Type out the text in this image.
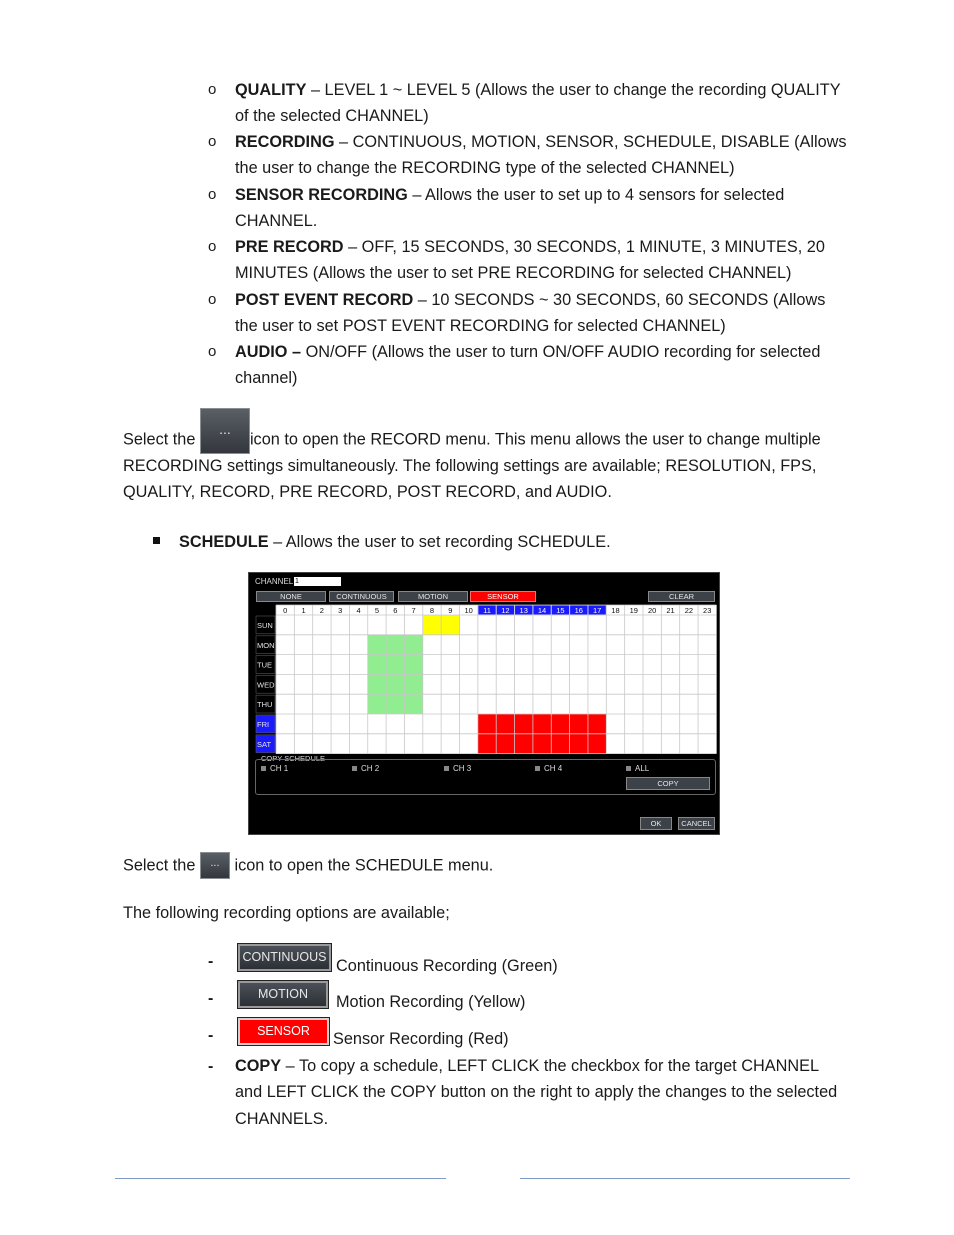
o QUALITY – LEVEL 1 ~ LEVEL 5 (Allows the user to change the recording QUALITY of the selected CHANNEL)
o RECORDING – CONTINUOUS, MOTION, SENSOR, SCHEDULE, DISABLE (Allows the user to change the RECORDING type of the selected CHANNEL)
o SENSOR RECORDING – Allows the user to set up to 4 sensors for selected CHANNEL.
o PRE RECORD – OFF, 15 SECONDS, 30 SECONDS, 1 MINUTE, 3 MINUTES, 20 MINUTES (Allows the user to set PRE RECORDING for selected CHANNEL)
o POST EVENT RECORD – 10 SECONDS ~ 30 SECONDS, 60 SECONDS (Allows the user to set POST EVENT RECORDING for selected CHANNEL)
o AUDIO – ON/OFF (Allows the user to turn ON/OFF AUDIO recording for selected channel)
Select the ...icon to open the RECORD menu. This menu allows the user to change multiple RECORDING settings simultaneously. The following settings are available; RESOLUTION, FPS, QUALITY, RECORD, PRE RECORD, POST RECORD, and AUDIO.
SCHEDULE – Allows the user to set recording SCHEDULE.
0 1 2 3 4 5 6 7 8 9 10 11 12 13 14 15 16 17 18 19 20 21 22 23
SUN
MON
TUE
WED
THU
FRI
SAT
CHANNEL 1
NONE	CONTINUOUS	MOTION	SENSOR	CLEAR
COPY SCHEDULE
CH 1	CH 2	CH 3	CH 4	ALL
COPY
OK	CANCEL
Select the ... icon to open the SCHEDULE menu.
The following recording options are available;
-	CONTINUOUS Continuous Recording (Green)
-	MOTION	Motion Recording (Yellow)
-	SENSOR	Sensor Recording (Red)
- COPY – To copy a schedule, LEFT CLICK the checkbox for the target CHANNEL and LEFT CLICK the COPY button on the right to apply the changes to the selected CHANNELS.
